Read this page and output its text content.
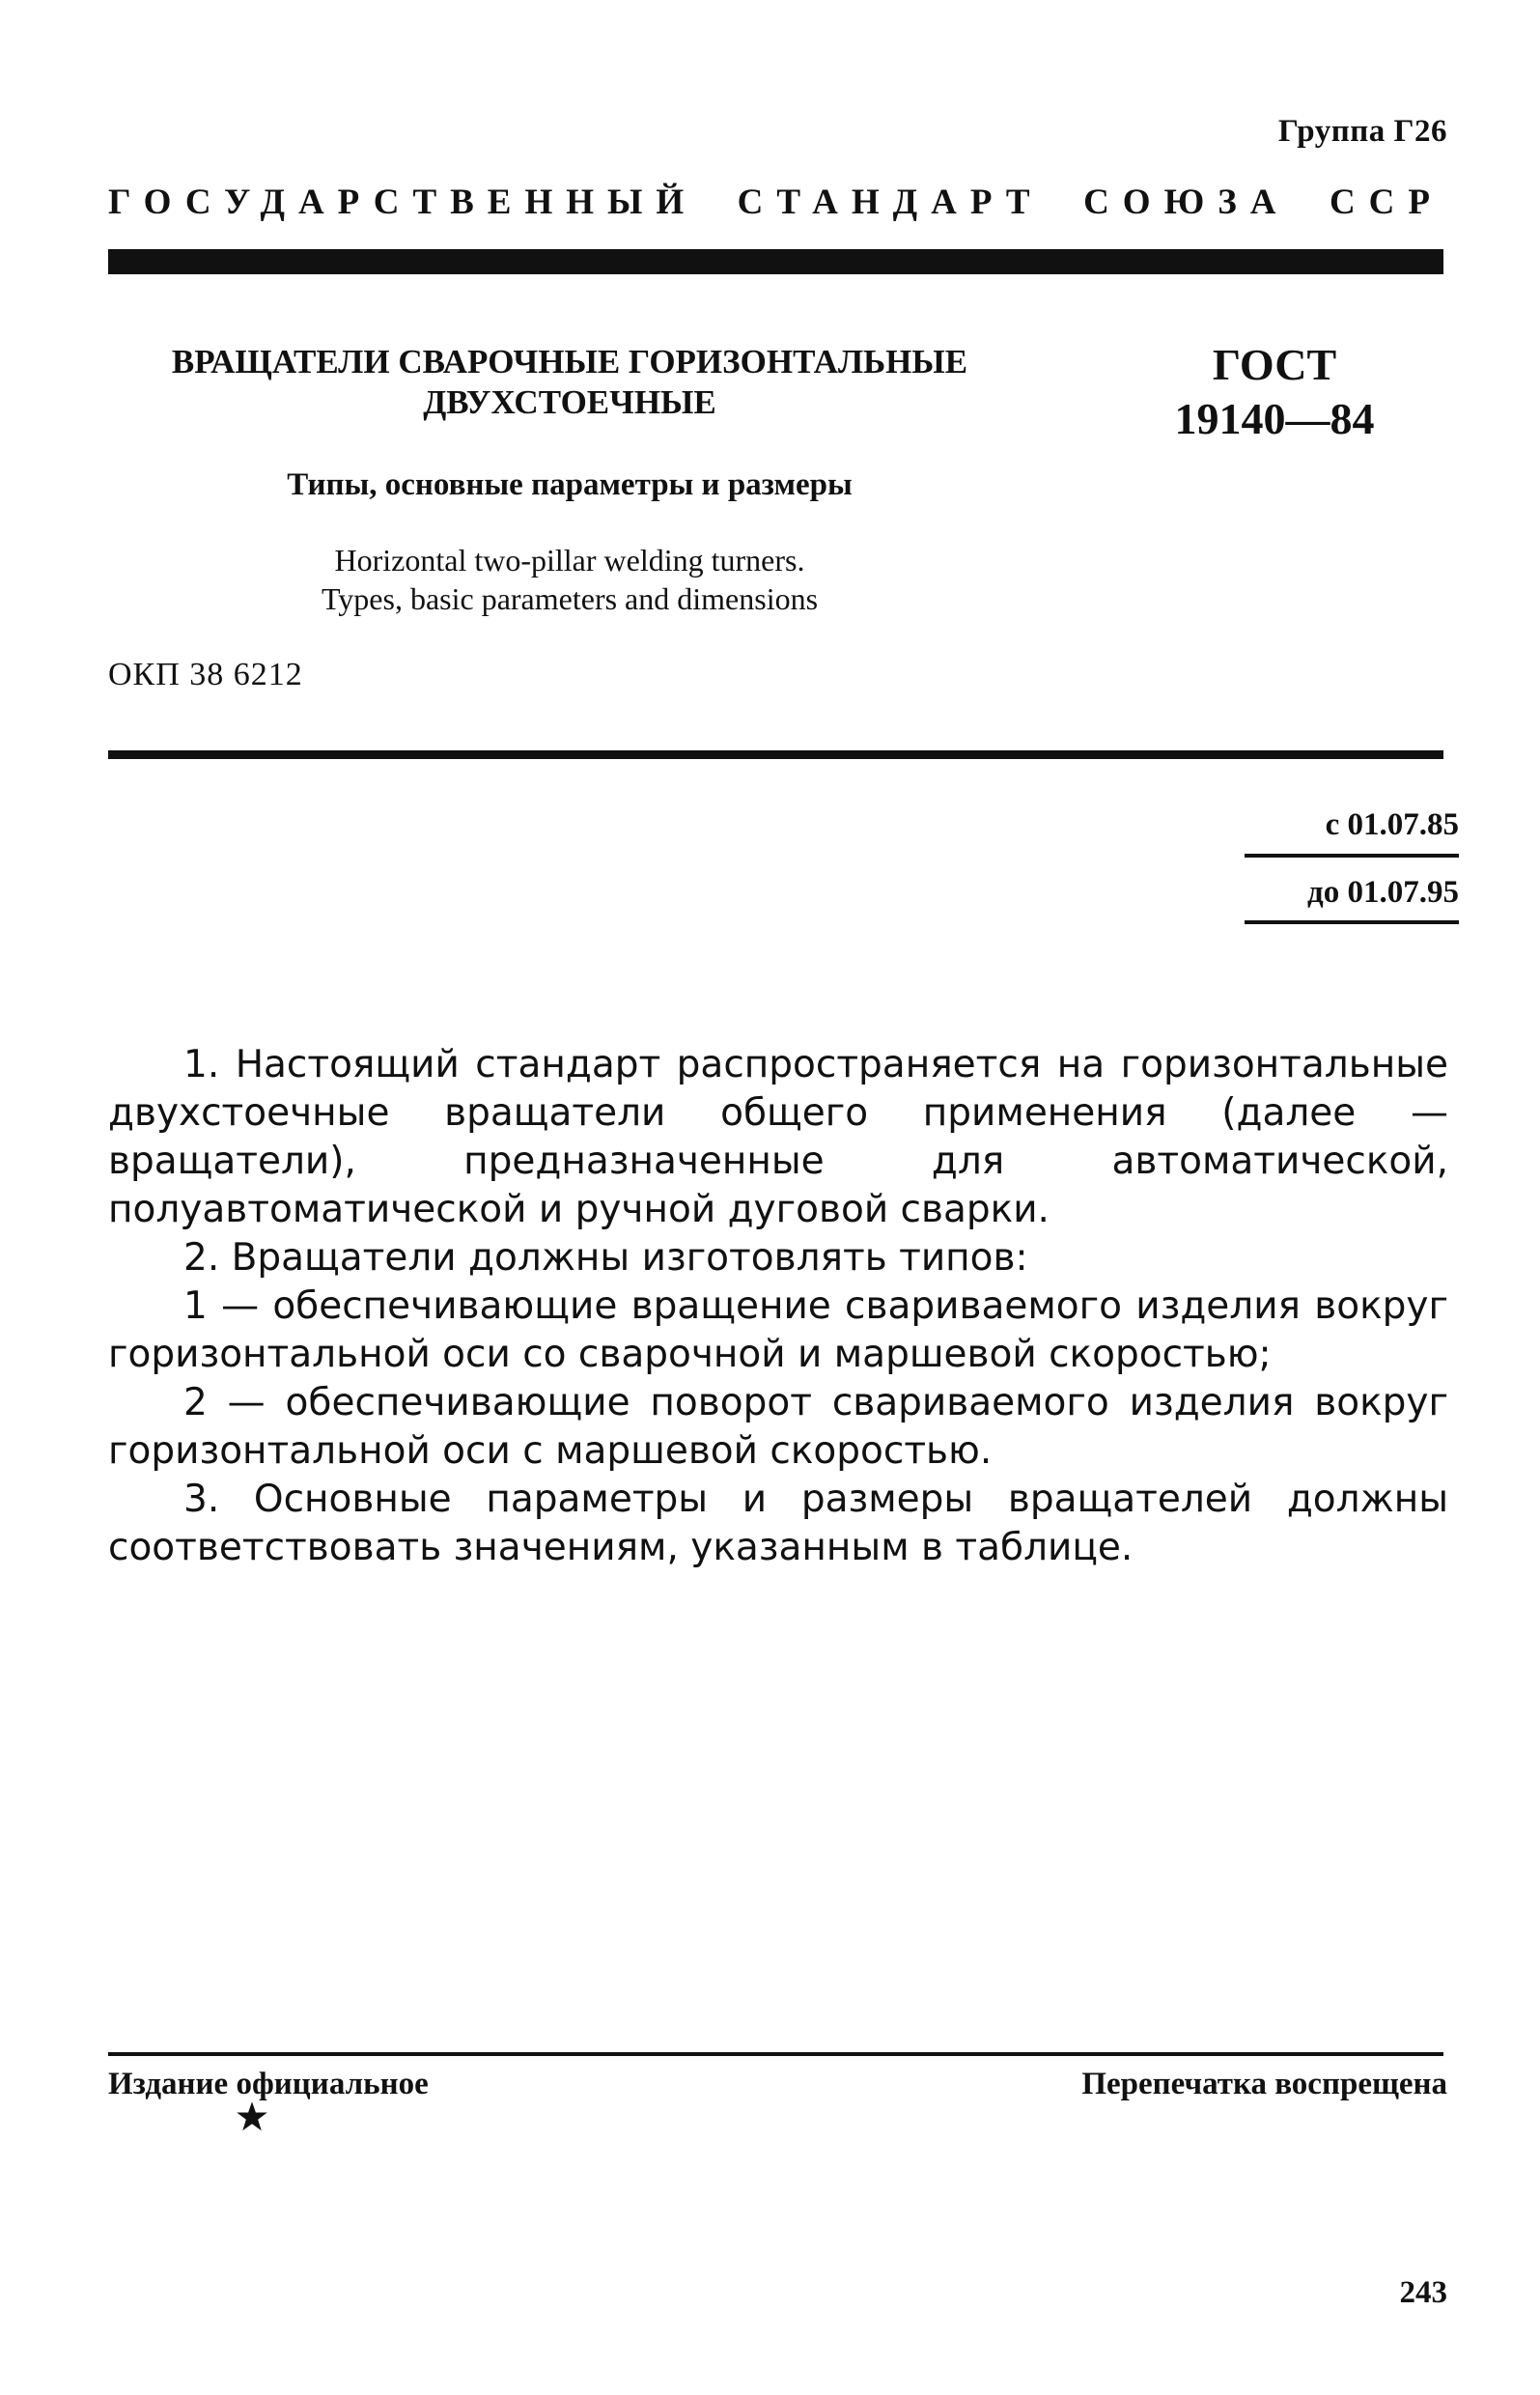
Группа Г26
ГОСУДАРСТВЕННЫЙ СТАНДАРТ СОЮЗА ССР
ВРАЩАТЕЛИ СВАРОЧНЫЕ ГОРИЗОНТАЛЬНЫЕ
ДВУХСТОЕЧНЫЕ
ГОСТ
19140—84
Типы, основные параметры и размеры
Horizontal two-pillar welding turners.
Types, basic parameters and dimensions
ОКП 38 6212
с 01.07.85
до 01.07.95

1. Настоящий стандарт распространяется на горизонтальные двухстоечные вращатели общего применения (далее — вращатели), предназначенные для автоматической, полуавтоматической и ручной дуговой сварки.

2. Вращатели должны изготовлять типов:

1 — обеспечивающие вращение свариваемого изделия вокруг горизонтальной оси со сварочной и маршевой скоростью;

2 — обеспечивающие поворот свариваемого изделия вокруг горизонтальной оси с маршевой скоростью.

3. Основные параметры и размеры вращателей должны соответствовать значениям, указанным в таблице.

Издание официальное	Перепечатка воспрещена
243
